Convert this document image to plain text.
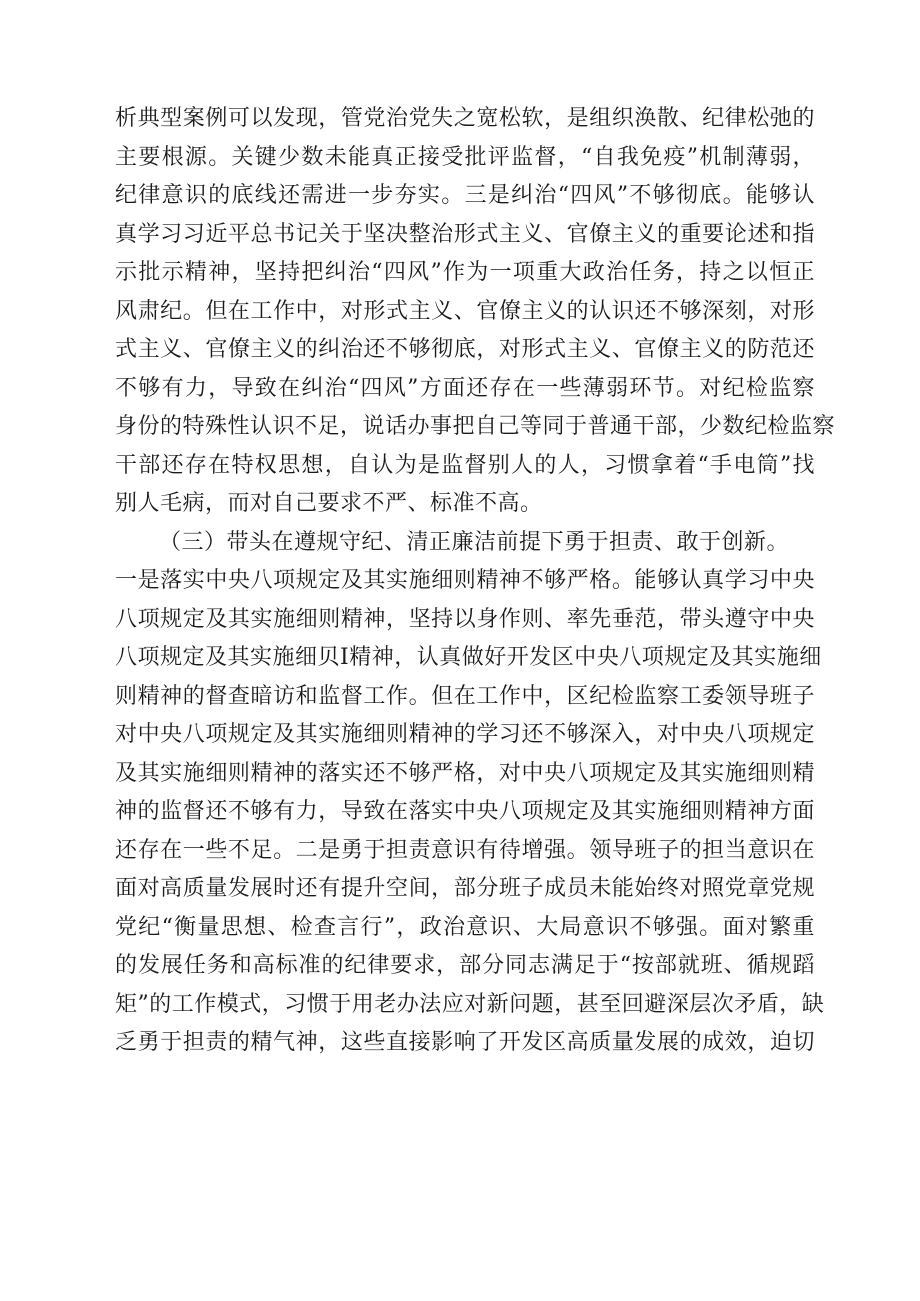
析典型案例可以发现，管党治党失之宽松软，是组织涣散、纪律松弛的
主要根源。关键少数未能真正接受批评监督，“自我免疫”机制薄弱，
纪律意识的底线还需进一步夯实。三是纠治“四风”不够彻底。能够认
真学习习近平总书记关于坚决整治形式主义、官僚主义的重要论述和指
示批示精神，坚持把纠治“四风”作为一项重大政治任务，持之以恒正
风肃纪。但在工作中，对形式主义、官僚主义的认识还不够深刻，对形
式主义、官僚主义的纠治还不够彻底，对形式主义、官僚主义的防范还
不够有力，导致在纠治“四风”方面还存在一些薄弱环节。对纪检监察
身份的特殊性认识不足，说话办事把自己等同于普通干部，少数纪检监察
干部还存在特权思想，自认为是监督别人的人，习惯拿着“手电筒”找
别人毛病，而对自己要求不严、标准不高。
（三）带头在遵规守纪、清正廉洁前提下勇于担责、敢于创新。
一是落实中央八项规定及其实施细则精神不够严格。能够认真学习中央
八项规定及其实施细则精神，坚持以身作则、率先垂范，带头遵守中央
八项规定及其实施细贝I精神，认真做好开发区中央八项规定及其实施细
则精神的督查暗访和监督工作。但在工作中，区纪检监察工委领导班子
对中央八项规定及其实施细则精神的学习还不够深入，对中央八项规定
及其实施细则精神的落实还不够严格，对中央八项规定及其实施细则精
神的监督还不够有力，导致在落实中央八项规定及其实施细则精神方面
还存在一些不足。二是勇于担责意识有待增强。领导班子的担当意识在
面对高质量发展时还有提升空间，部分班子成员未能始终对照党章党规
党纪“衡量思想、检查言行”，政治意识、大局意识不够强。面对繁重
的发展任务和高标准的纪律要求，部分同志满足于“按部就班、循规蹈
矩”的工作模式，习惯于用老办法应对新问题，甚至回避深层次矛盾，缺
乏勇于担责的精气神，这些直接影响了开发区高质量发展的成效，迫切
